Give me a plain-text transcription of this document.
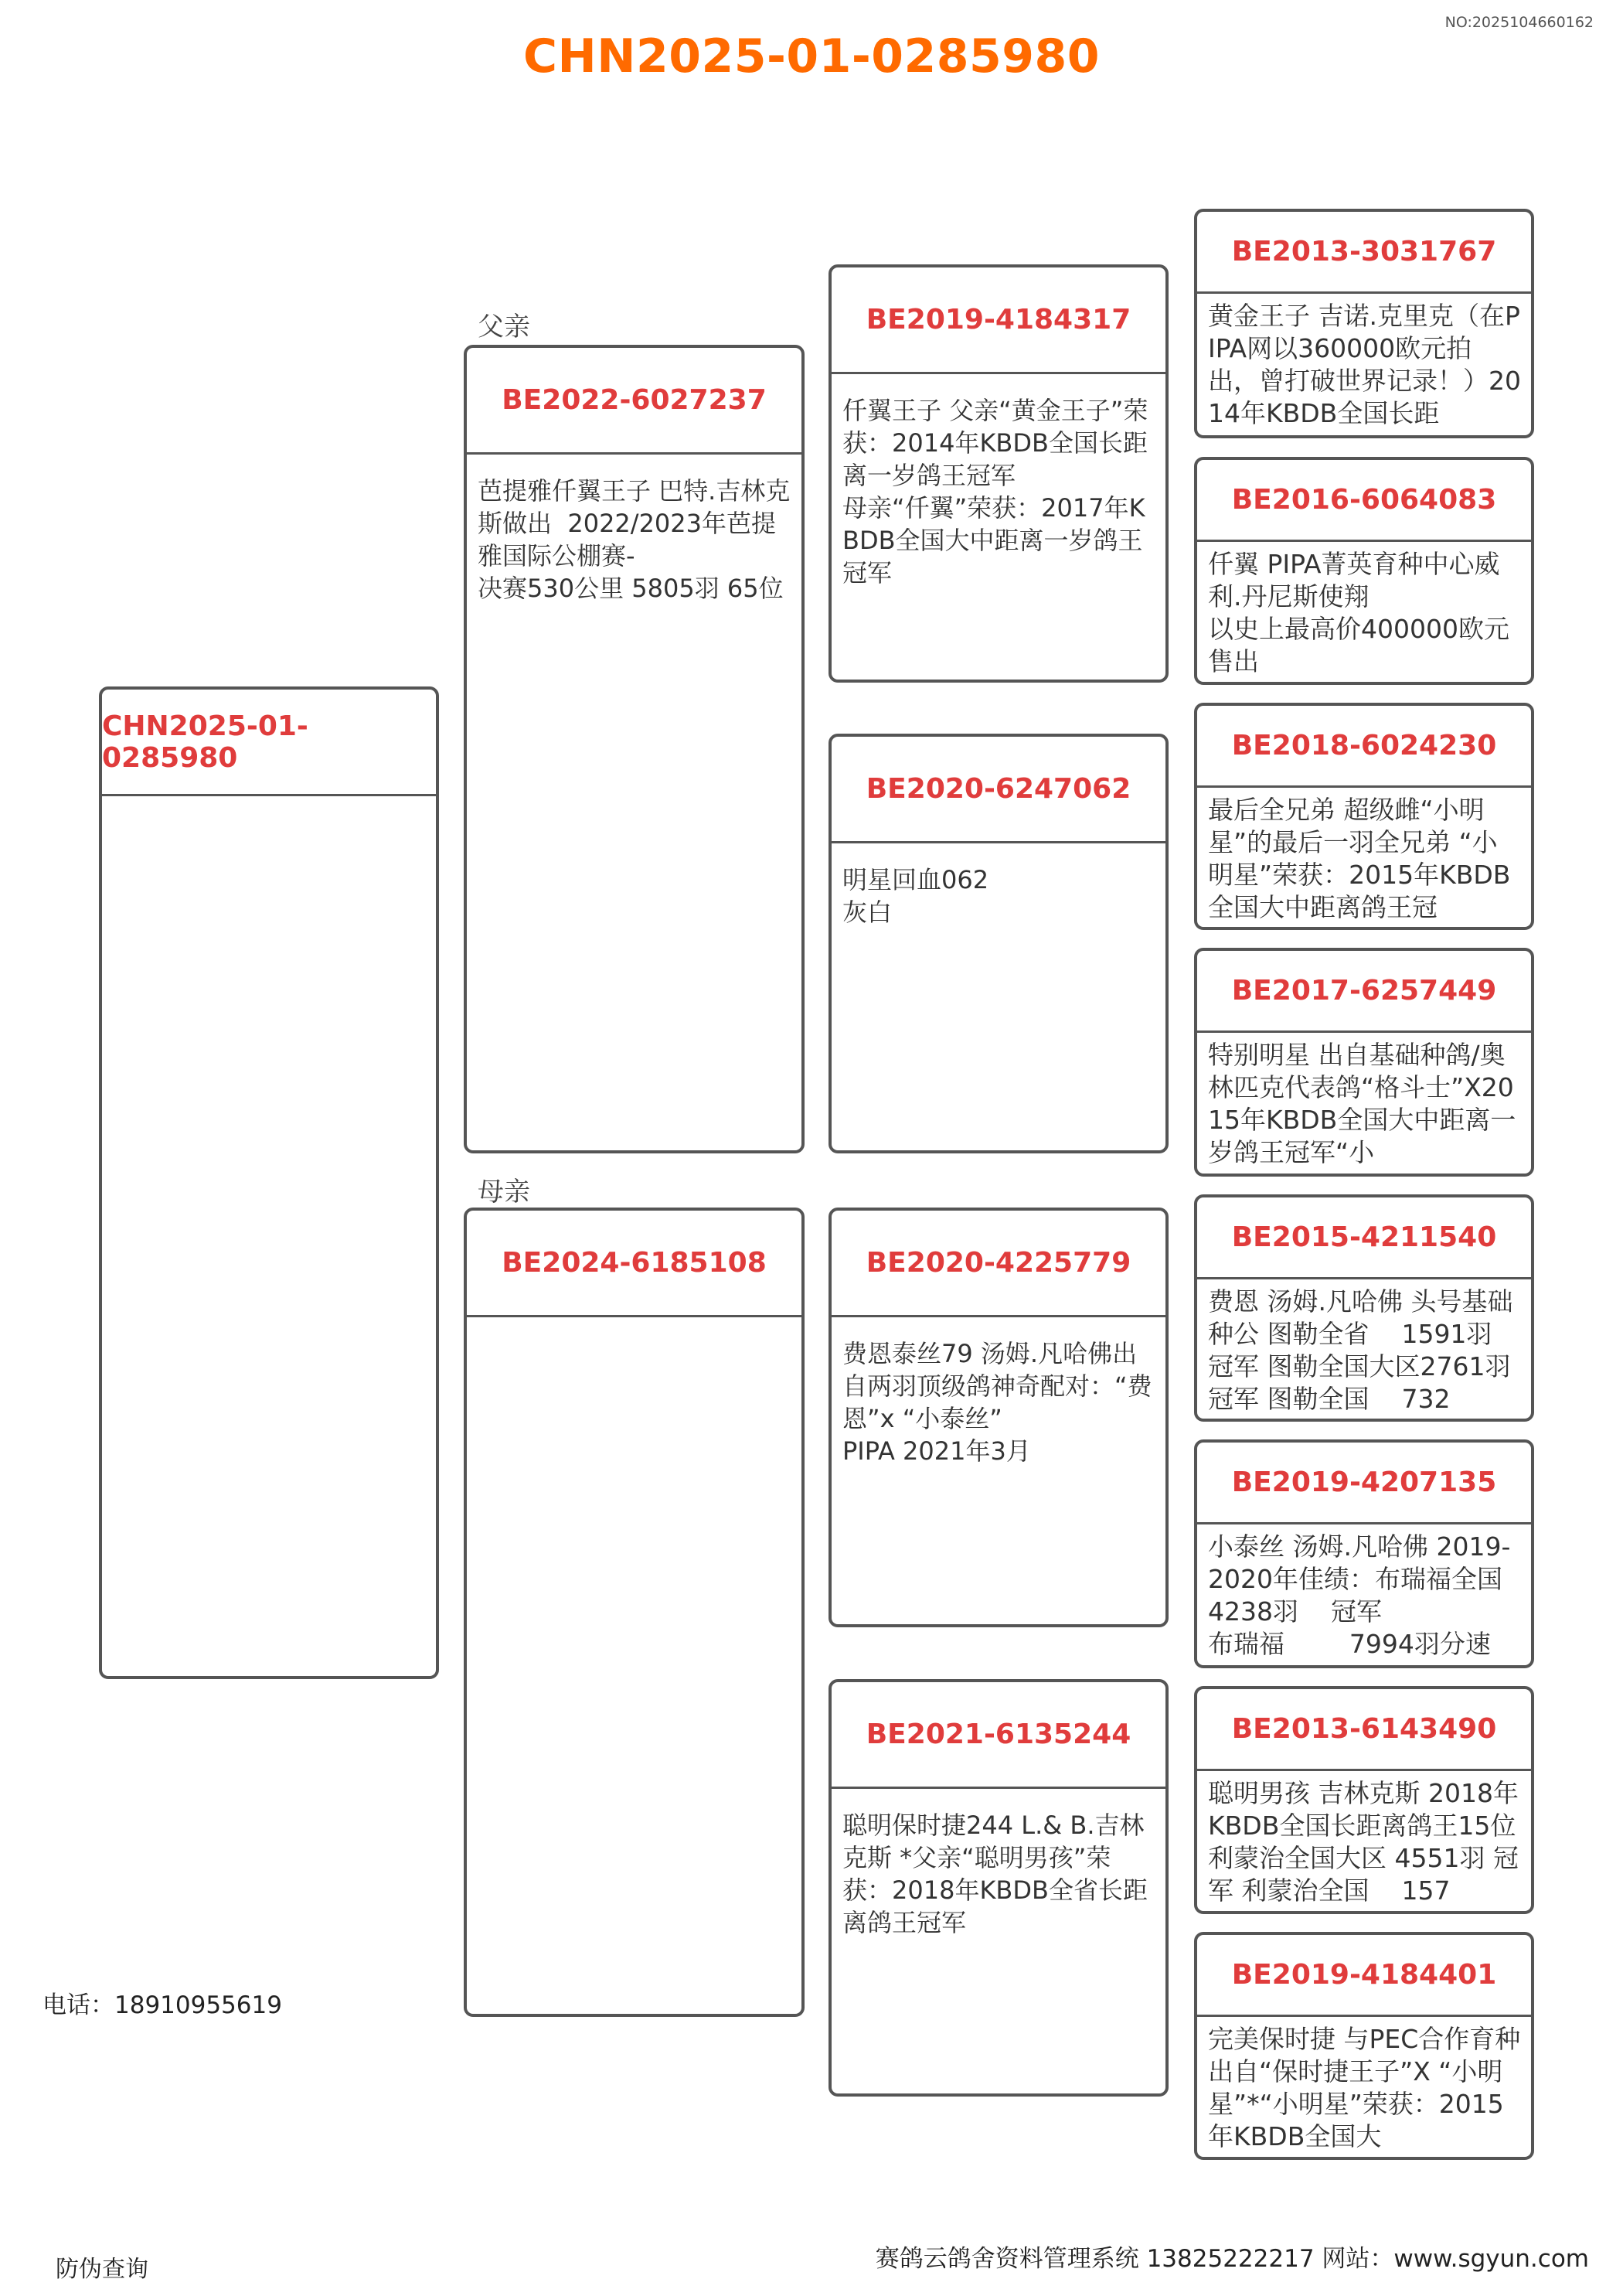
NO:2025104660162
CHN2025-01-0285980
父亲
母亲
CHN2025-01-0285980
BE2022-6027237
芭提雅仟翼王子 巴特.吉林克斯做出  2022/2023年芭提雅国际公棚赛-
决赛530公里 5805羽 65位
BE2024-6185108
BE2019-4184317
仟翼王子 父亲“黄金王子”荣获：2014年KBDB全国长距离一岁鸽王冠军
母亲“仟翼”荣获：2017年KBDB全国大中距离一岁鸽王冠军
BE2020-6247062
明星回血062
灰白
BE2020-4225779
费恩泰丝79 汤姆.凡哈佛出自两羽顶级鸽神奇配对：“费恩”x “小泰丝”
PIPA 2021年3月
BE2021-6135244
聪明保时捷244 L.& B.吉林克斯 *父亲“聪明男孩”荣获：2018年KBDB全省长距离鸽王冠军
BE2013-3031767
黄金王子 吉诺.克里克（在PIPA网以360000欧元拍出，曾打破世界记录！）2014年KBDB全国长距
BE2016-6064083
仟翼 PIPA菁英育种中心威利.丹尼斯使翔
以史上最高价400000欧元售出
BE2018-6024230
最后全兄弟 超级雌“小明星”的最后一羽全兄弟 “小明星”荣获：2015年KBDB全国大中距离鸽王冠
BE2017-6257449
特别明星 出自基础种鸽/奥林匹克代表鸽“格斗士”X2015年KBDB全国大中距离一岁鸽王冠军“小
BE2015-4211540
费恩 汤姆.凡哈佛 头号基础种公 图勒全省    1591羽 冠军 图勒全国大区2761羽 冠军 图勒全国    732
BE2019-4207135
小泰丝 汤姆.凡哈佛 2019-2020年佳绩：布瑞福全国    4238羽    冠军
布瑞福        7994羽分速
BE2013-6143490
聪明男孩 吉林克斯 2018年KBDB全国长距离鸽王15位 利蒙治全国大区 4551羽 冠军 利蒙治全国    157
BE2019-4184401
完美保时捷 与PEC合作育种 出自“保时捷王子”X “小明星”*“小明星”荣获：2015年KBDB全国大
电话：18910955619
防伪查询	赛鸽云鸽舍资料管理系统 13825222217 网站：www.sgyun.com
